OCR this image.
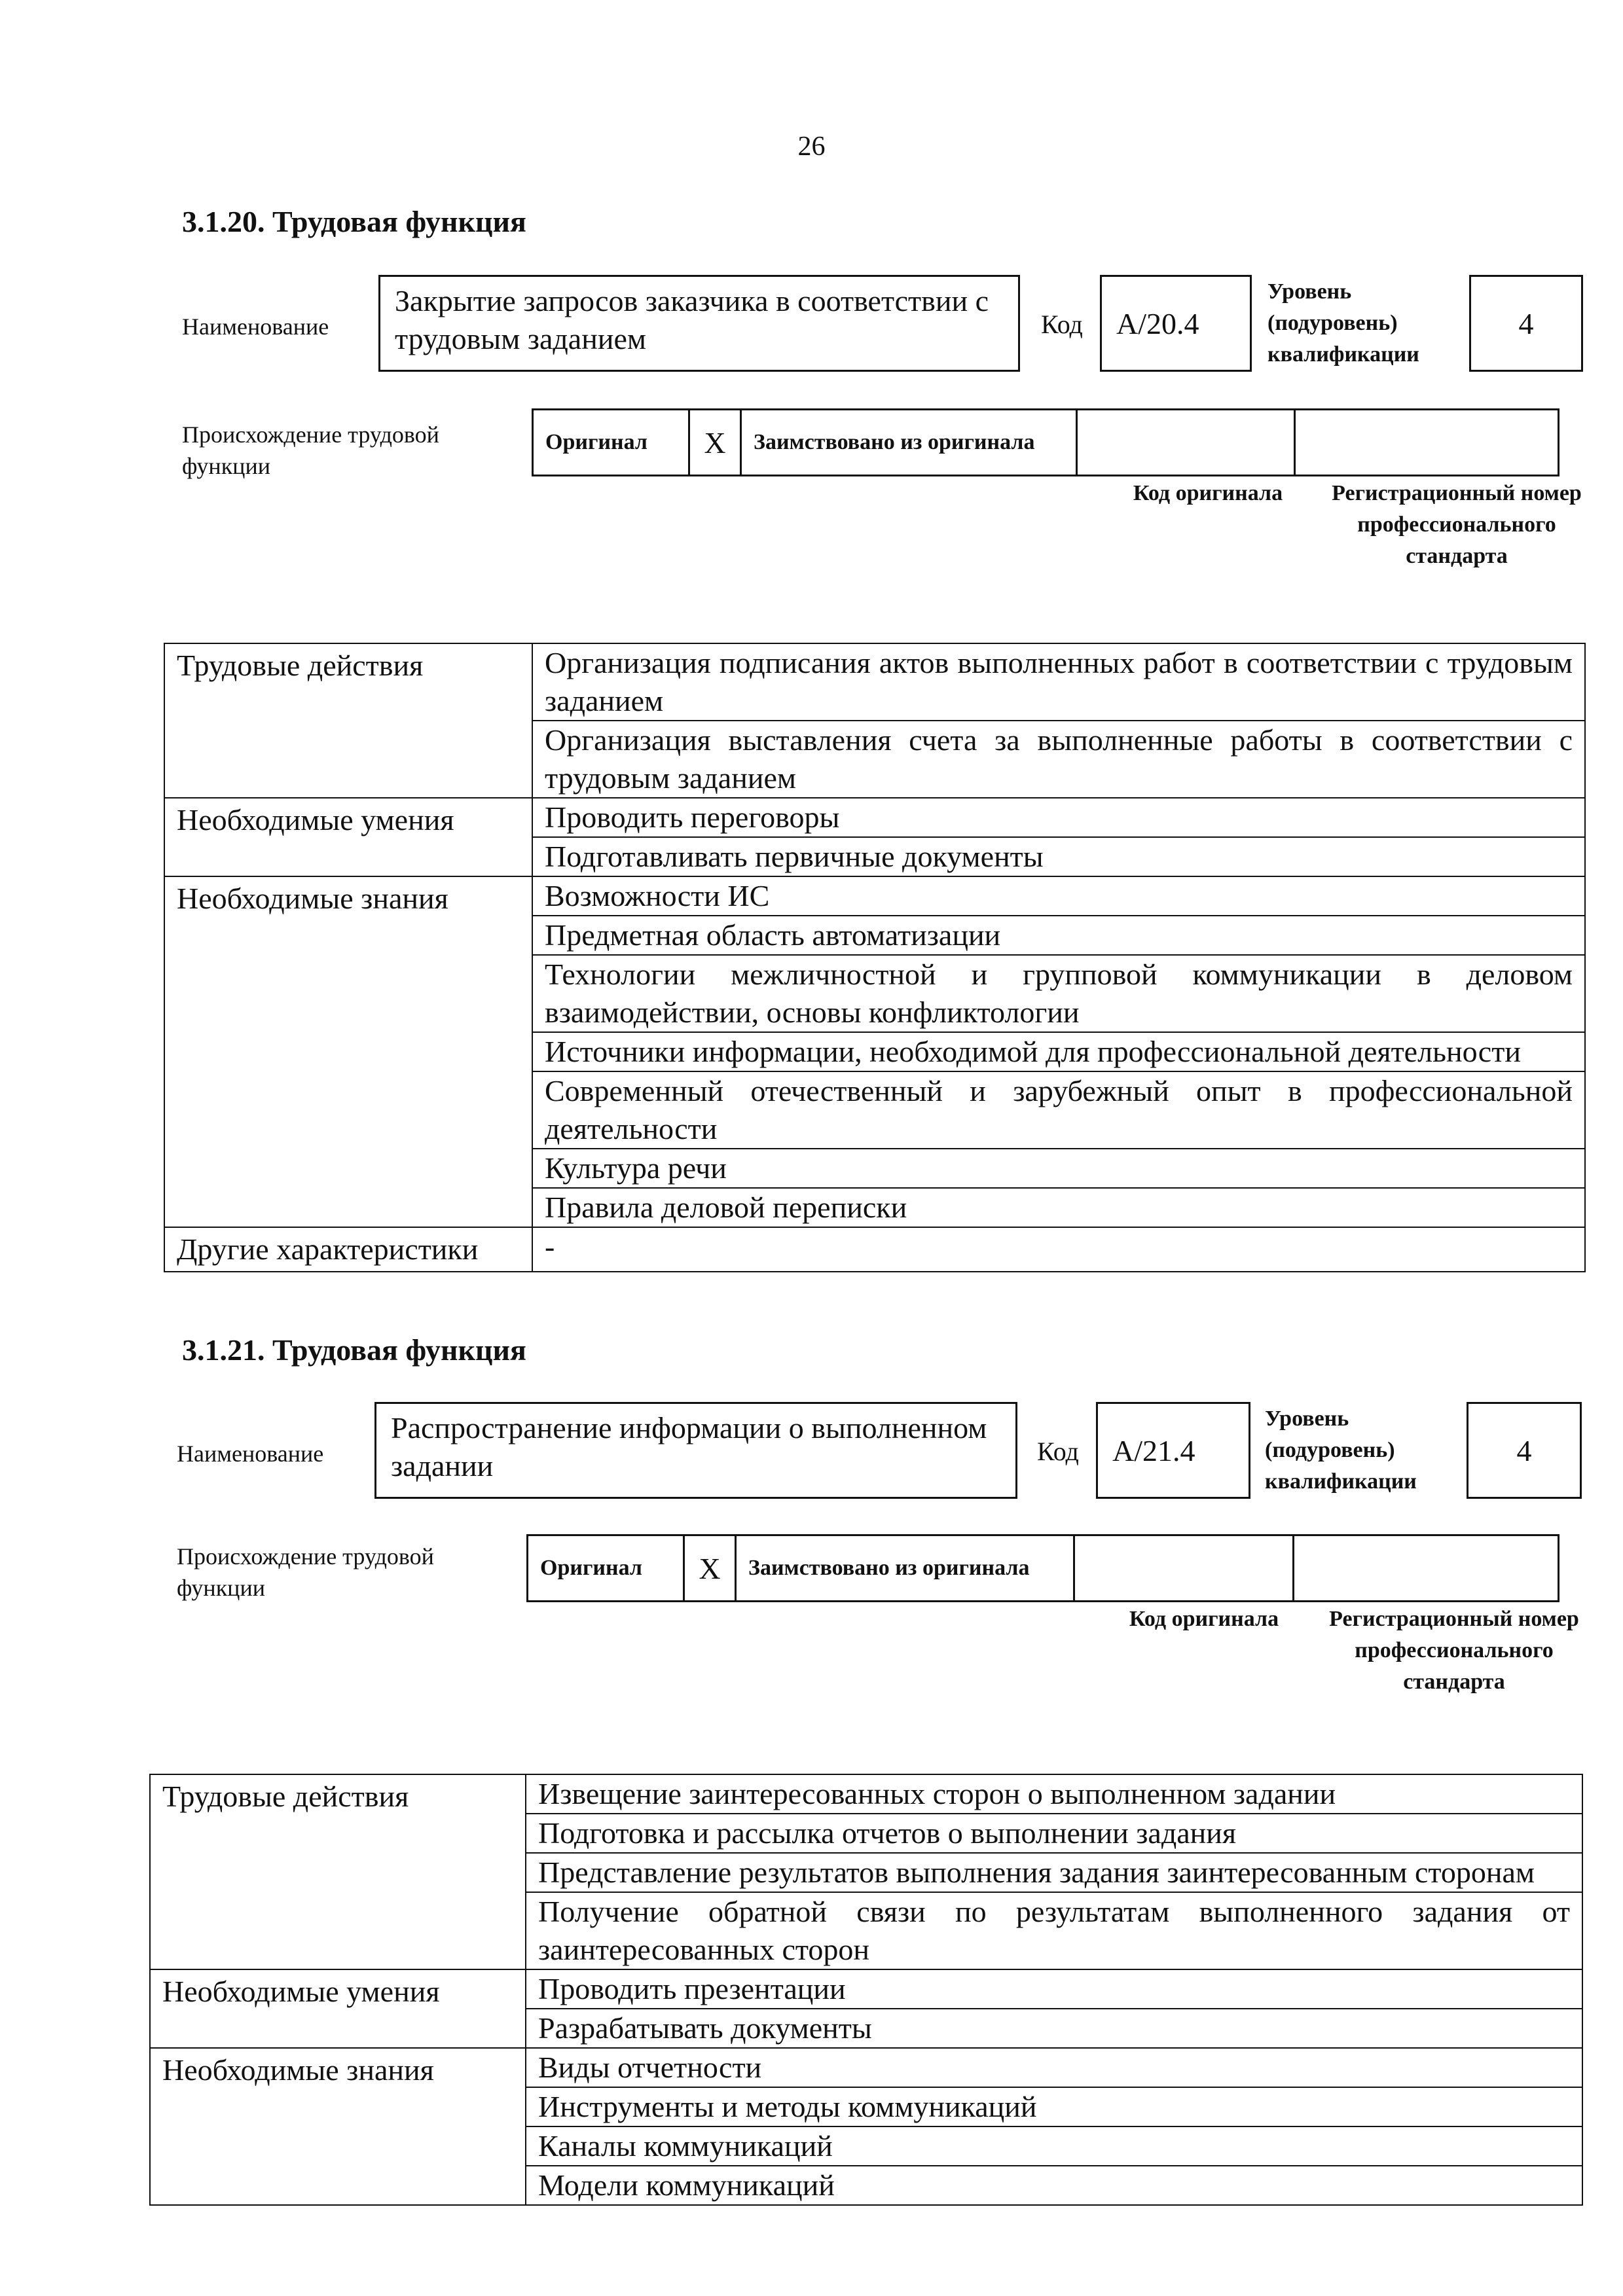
26
3.1.20. Трудовая функция
Наименование
Закрытие запросов заказчика в соответствии с трудовым заданием	Код А/20.4
Уровень (подуровень) квалификации
4
Происхождение трудовой функции
Оригинал	X	Заимствовано из оригинала		
Код оригинала	Регистрационный номер профессионального стандарта
Трудовые действия	Организация подписания актов выполненных работ в соответствии с трудовым заданием
	Организация выставления счета за выполненные работы в соответствии с трудовым заданием
Необходимые умения	Проводить переговоры
	Подготавливать первичные документы
Необходимые знания	Возможности ИС
	Предметная область автоматизации
	Технологии межличностной и групповой коммуникации в деловом взаимодействии, основы конфликтологии
	Источники информации, необходимой для профессиональной деятельности
	Современный отечественный и зарубежный опыт в профессиональной деятельности
	Культура речи
	Правила деловой переписки
Другие характеристики	-
3.1.21. Трудовая функция
Наименование
Распространение информации о выполненном задании	Код А/21.4
Уровень (подуровень) квалификации
4
Происхождение трудовой функции
Оригинал	X	Заимствовано из оригинала		
Код оригинала	Регистрационный номер профессионального стандарта
Трудовые действия	Извещение заинтересованных сторон о выполненном задании
	Подготовка и рассылка отчетов о выполнении задания
	Представление результатов выполнения задания заинтересованным сторонам
	Получение обратной связи по результатам выполненного задания от заинтересованных сторон
Необходимые умения	Проводить презентации
	Разрабатывать документы
Необходимые знания	Виды отчетности
	Инструменты и методы коммуникаций
	Каналы коммуникаций
	Модели коммуникаций
